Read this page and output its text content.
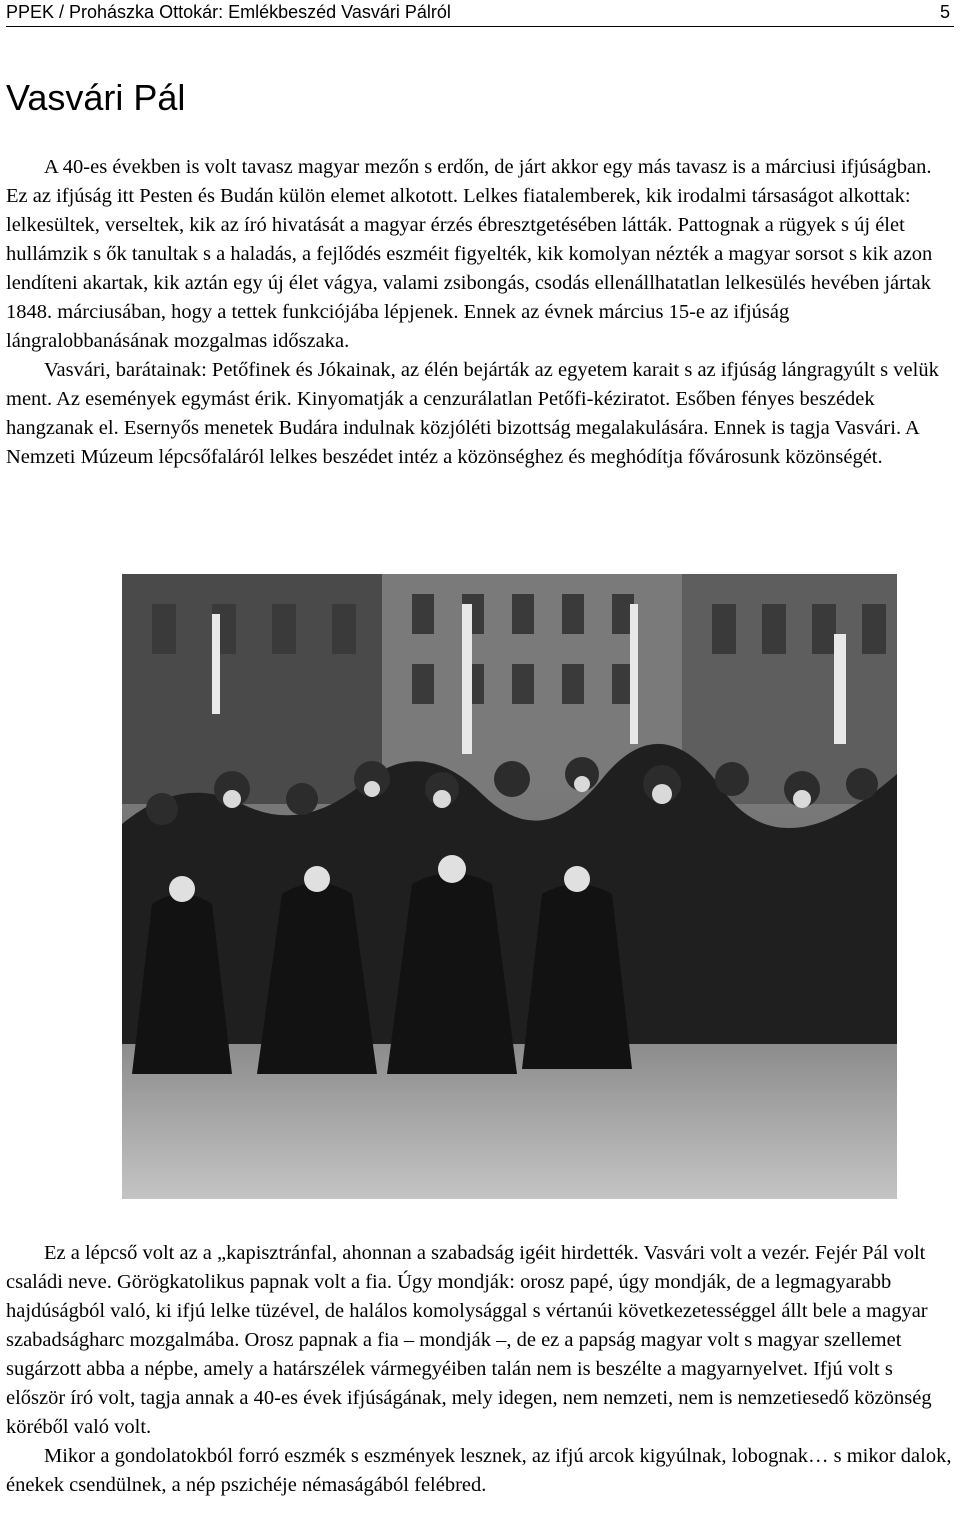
PPEK / Prohászka Ottokár: Emlékbeszéd Vasvári Pálról	5
Vasvári Pál

A 40-es években is volt tavasz magyar mezőn s erdőn, de járt akkor egy más tavasz is a márciusi ifjúságban. Ez az ifjúság itt Pesten és Budán külön elemet alkotott. Lelkes fiatalemberek, kik irodalmi társaságot alkottak: lelkesültek, verseltek, kik az író hivatását a magyar érzés ébresztgetésében látták. Pattognak a rügyek s új élet hullámzik s ők tanultak s a haladás, a fejlődés eszméit figyelték, kik komolyan nézték a magyar sorsot s kik azon lendíteni akartak, kik aztán egy új élet vágya, valami zsibongás, csodás ellenállhatatlan lelkesülés hevében jártak 1848. márciusában, hogy a tettek funkciójába lépjenek. Ennek az évnek március 15-e az ifjúság lángralobbanásának mozgalmas időszaka.

Vasvári, barátainak: Petőfinek és Jókainak, az élén bejárták az egyetem karait s az ifjúság lángragyúlt s velük ment. Az események egymást érik. Kinyomatják a cenzurálatlan Petőfi-kéziratot. Esőben fényes beszédek hangzanak el. Esernyős menetek Budára indulnak közjóléti bizottság megalakulására. Ennek is tagja Vasvári. A Nemzeti Múzeum lépcsőfaláról lelkes beszédet intéz a közönséghez és meghódítja fővárosunk közönségét.

Ez a lépcső volt az a „kapisztránfal, ahonnan a szabadság igéit hirdették. Vasvári volt a vezér. Fejér Pál volt családi neve. Görögkatolikus papnak volt a fia. Úgy mondják: orosz papé, úgy mondják, de a legmagyarabb hajdúságból való, ki ifjú lelke tüzével, de halálos komolysággal s vértanúi következetességgel állt bele a magyar szabadságharc mozgalmába. Orosz papnak a fia – mondják –, de ez a papság magyar volt s magyar szellemet sugárzott abba a népbe, amely a határszélek vármegyéiben talán nem is beszélte a magyarnyelvet. Ifjú volt s először író volt, tagja annak a 40-es évek ifjúságának, mely idegen, nem nemzeti, nem is nemzetiesedő közönség köréből való volt.

Mikor a gondolatokból forró eszmék s eszmények lesznek, az ifjú arcok kigyúlnak, lobognak… s mikor dalok, énekek csendülnek, a nép pszichéje némaságából felébred.
